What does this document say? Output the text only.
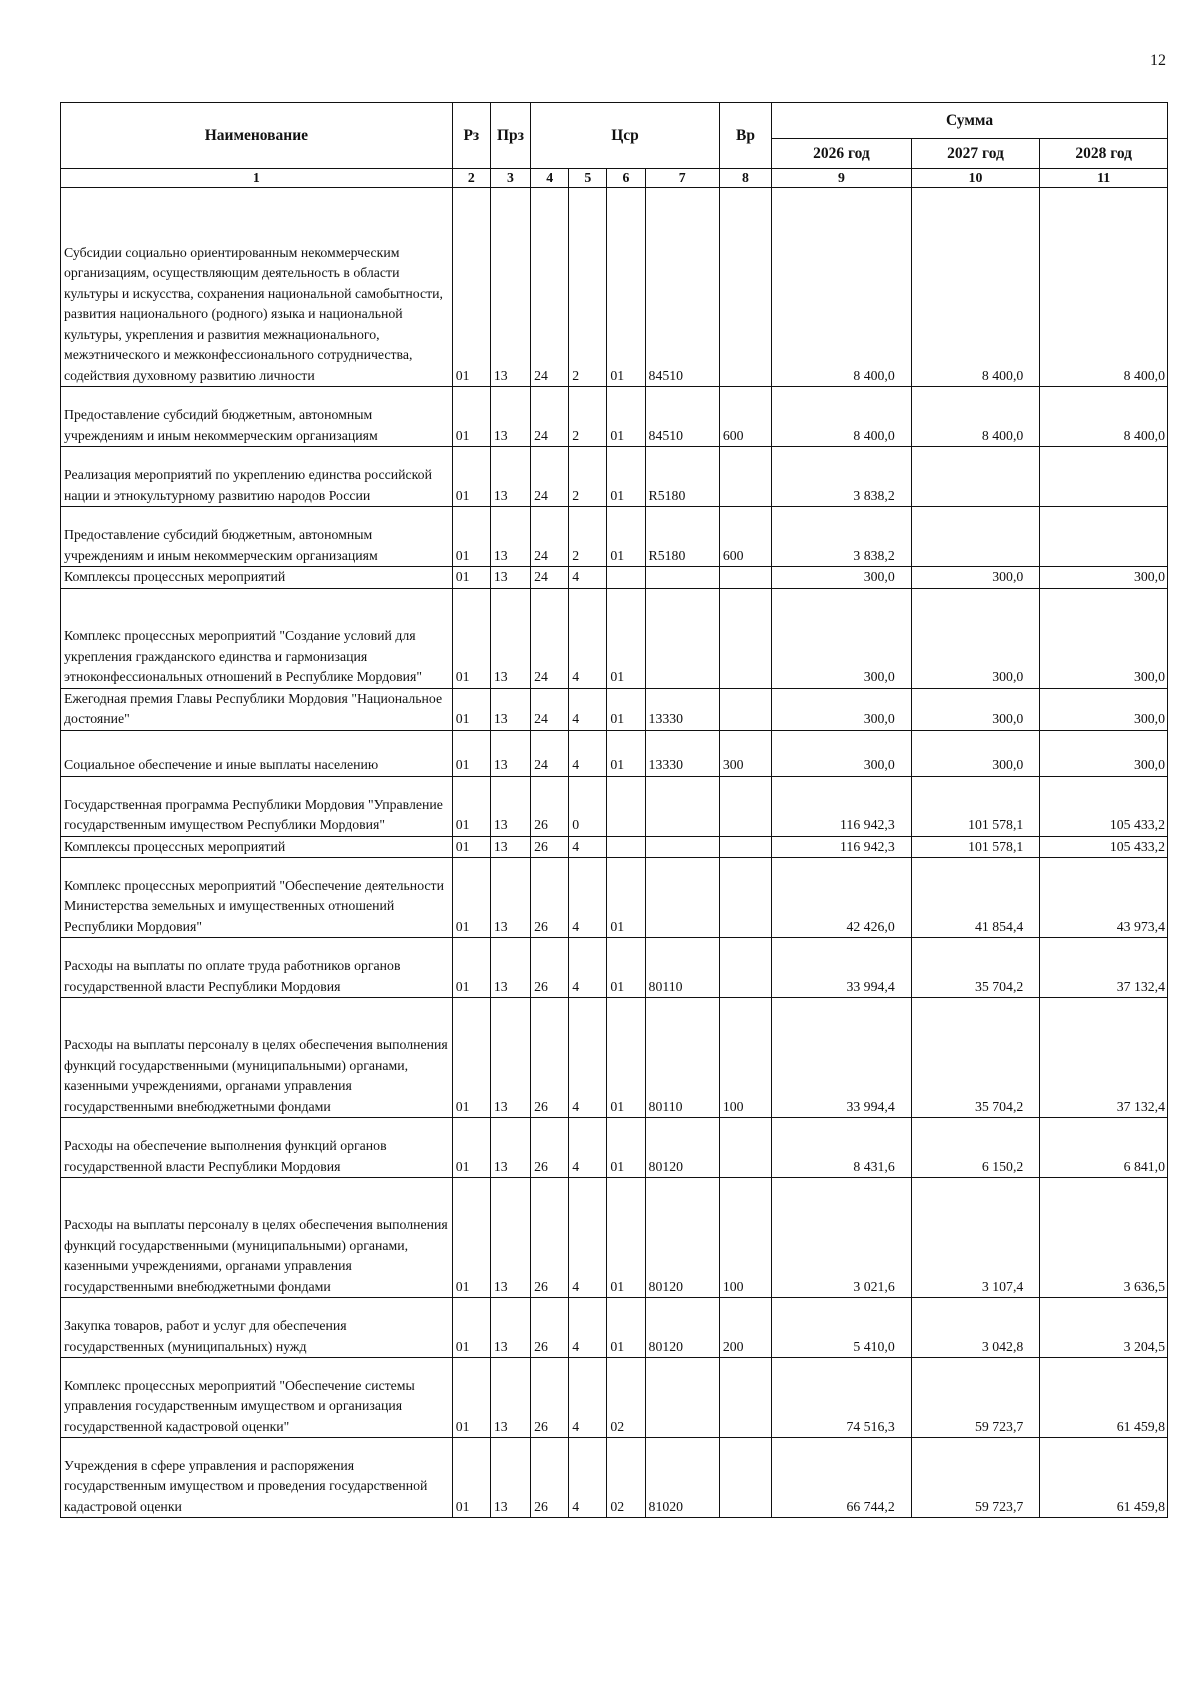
12
Наименование	Рз	Прз	Цср				Вр	Сумма		
								2026 год	2027 год	2028 год
1	2	3	4	5	6	7	8	9	10	11
Субсидии социально ориентированным некоммерческим организациям, осуществляющим деятельность в области культуры и искусства, сохранения национальной самобытности, развития национального (родного) языка и национальной культуры, укрепления и развития межнационального, межэтнического и межконфессионального сотрудничества, содействия духовному развитию личности	01	13	24	2	01	84510		8 400,0	8 400,0	8 400,0
Предоставление субсидий бюджетным, автономным учреждениям и иным некоммерческим организациям	01	13	24	2	01	84510	600	8 400,0	8 400,0	8 400,0
Реализация мероприятий по укреплению единства российской нации и этнокультурному развитию народов России	01	13	24	2	01	R5180		3 838,2		
Предоставление субсидий бюджетным, автономным учреждениям и иным некоммерческим организациям	01	13	24	2	01	R5180	600	3 838,2		
Комплексы процессных мероприятий	01	13	24	4				300,0	300,0	300,0
Комплекс процессных мероприятий "Создание условий для укрепления гражданского единства и гармонизация этноконфессиональных отношений в Республике Мордовия"	01	13	24	4	01			300,0	300,0	300,0
Ежегодная премия Главы Республики Мордовия "Национальное достояние"	01	13	24	4	01	13330		300,0	300,0	300,0
Социальное обеспечение и иные выплаты населению	01	13	24	4	01	13330	300	300,0	300,0	300,0
Государственная программа Республики Мордовия "Управление государственным имуществом Республики Мордовия"	01	13	26	0				116 942,3	101 578,1	105 433,2
Комплексы процессных мероприятий	01	13	26	4				116 942,3	101 578,1	105 433,2
Комплекс процессных мероприятий "Обеспечение деятельности Министерства земельных и имущественных отношений Республики Мордовия"	01	13	26	4	01			42 426,0	41 854,4	43 973,4
Расходы на выплаты по оплате труда работников органов государственной власти Республики Мордовия	01	13	26	4	01	80110		33 994,4	35 704,2	37 132,4
Расходы на выплаты персоналу в целях обеспечения выполнения функций государственными (муниципальными) органами, казенными учреждениями, органами управления государственными внебюджетными фондами	01	13	26	4	01	80110	100	33 994,4	35 704,2	37 132,4
Расходы на обеспечение выполнения функций органов государственной власти Республики Мордовия	01	13	26	4	01	80120		8 431,6	6 150,2	6 841,0
Расходы на выплаты персоналу в целях обеспечения выполнения функций государственными (муниципальными) органами, казенными учреждениями, органами управления государственными внебюджетными фондами	01	13	26	4	01	80120	100	3 021,6	3 107,4	3 636,5
Закупка товаров, работ и услуг для обеспечения государственных (муниципальных) нужд	01	13	26	4	01	80120	200	5 410,0	3 042,8	3 204,5
Комплекс процессных мероприятий "Обеспечение системы управления государственным имуществом и организация государственной кадастровой оценки"	01	13	26	4	02			74 516,3	59 723,7	61 459,8
Учреждения в сфере управления и распоряжения государственным имуществом и проведения государственной кадастровой оценки	01	13	26	4	02	81020		66 744,2	59 723,7	61 459,8
